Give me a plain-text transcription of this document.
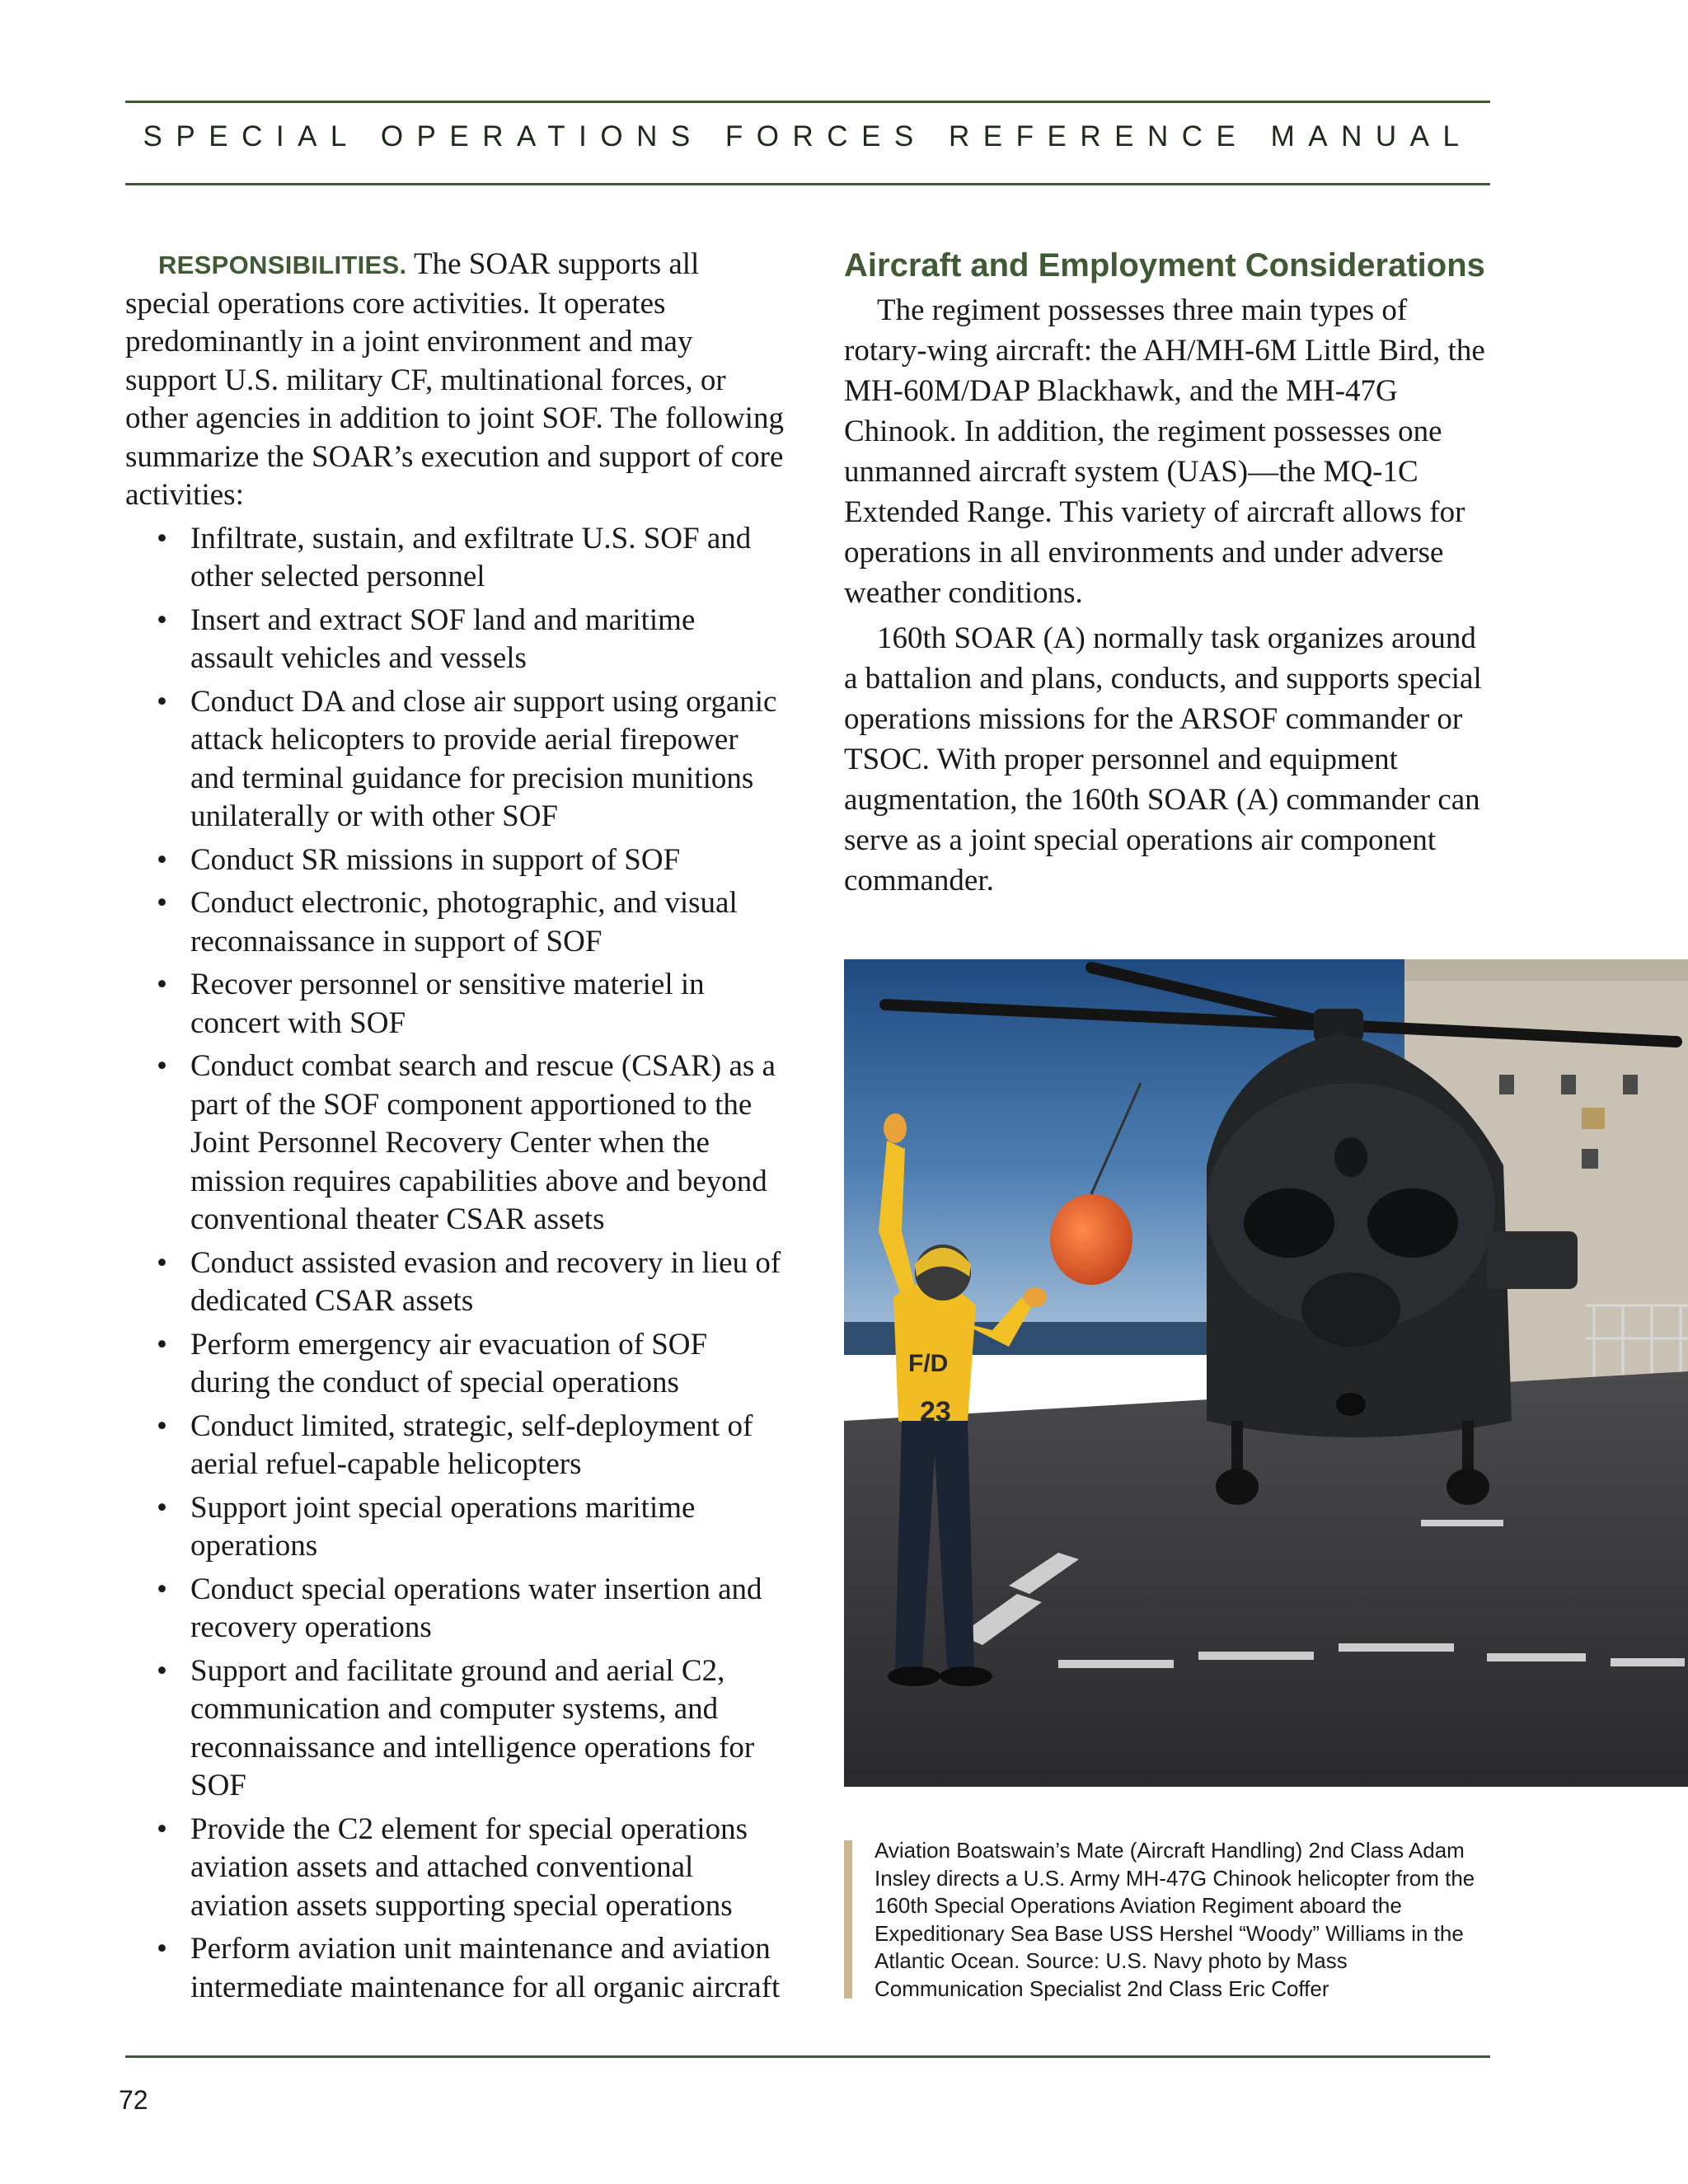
SPECIAL OPERATIONS FORCES REFERENCE MANUAL

RESPONSIBILITIES. The SOAR supports all special operations core activities. It operates predominantly in a joint environment and may support U.S. military CF, multinational forces, or other agencies in addition to joint SOF. The following summarize the SOAR’s execution and support of core activities:

• Infiltrate, sustain, and exfiltrate U.S. SOF and other selected personnel
• Insert and extract SOF land and maritime assault vehicles and vessels
• Conduct DA and close air support using organic attack helicopters to provide aerial firepower and terminal guidance for precision munitions unilaterally or with other SOF
• Conduct SR missions in support of SOF
• Conduct electronic, photographic, and visual reconnaissance in support of SOF
• Recover personnel or sensitive materiel in concert with SOF
• Conduct combat search and rescue (CSAR) as a part of the SOF component apportioned to the Joint Personnel Recovery Center when the mission requires capabilities above and beyond conventional theater CSAR assets
• Conduct assisted evasion and recovery in lieu of dedicated CSAR assets
• Perform emergency air evacuation of SOF during the conduct of special operations
• Conduct limited, strategic, self-deployment of aerial refuel-capable helicopters
• Support joint special operations maritime operations
• Conduct special operations water insertion and recovery operations
• Support and facilitate ground and aerial C2, communication and computer systems, and reconnaissance and intelligence operations for SOF
• Provide the C2 element for special operations aviation assets and attached conventional aviation assets supporting special operations
• Perform aviation unit maintenance and aviation intermediate maintenance for all organic aircraft
Aircraft and Employment Considerations

The regiment possesses three main types of rotary-wing aircraft: the AH/MH-6M Little Bird, the MH-60M/DAP Blackhawk, and the MH-47G Chinook. In addition, the regiment possesses one unmanned aircraft system (UAS)—the MQ-1C Extended Range. This variety of aircraft allows for operations in all environments and under adverse weather conditions.

160th SOAR (A) normally task organizes around a battalion and plans, conducts, and supports special operations missions for the ARSOF commander or TSOC. With proper personnel and equipment augmentation, the 160th SOAR (A) commander can serve as a joint special operations air component commander.

F/D
23
Aviation Boatswain’s Mate (Aircraft Handling) 2nd Class Adam Insley directs a U.S. Army MH-47G Chinook helicopter from the 160th Special Operations Aviation Regiment aboard the Expeditionary Sea Base USS Hershel “Woody” Williams in the Atlantic Ocean. Source: U.S. Navy photo by Mass Communication Specialist 2nd Class Eric Coffer
72
